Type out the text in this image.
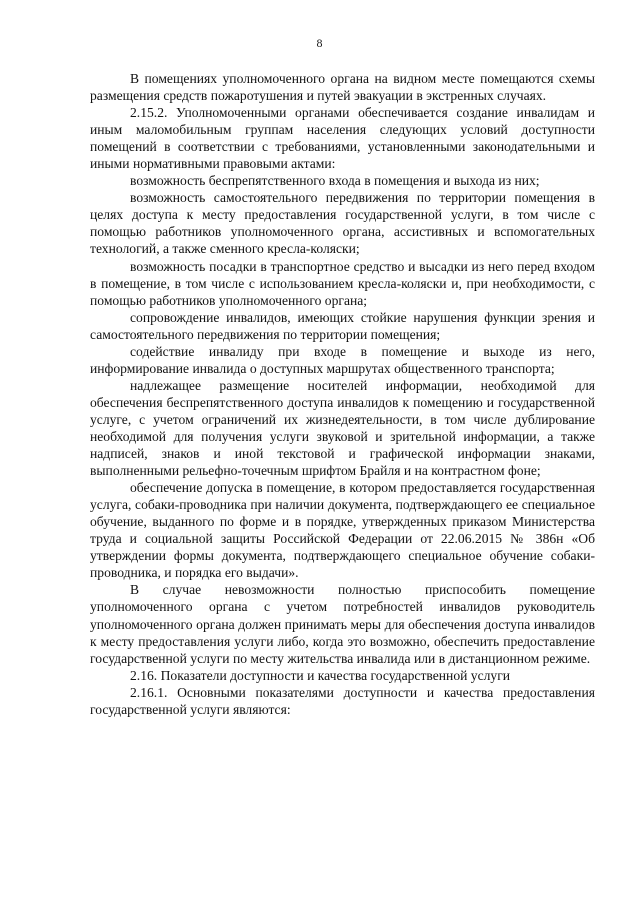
8

В помещениях уполномоченного органа на видном месте помещаются схемы размещения средств пожаротушения и путей эвакуации в экстренных случаях.

2.15.2. Уполномоченными органами обеспечивается создание инвалидам и иным маломобильным группам населения следующих условий доступности помещений в соответствии с требованиями, установленными законодательными и иными нормативными правовыми актами:

возможность беспрепятственного входа в помещения и выхода из них;

возможность самостоятельного передвижения по территории помещения в целях доступа к месту предоставления государственной услуги, в том числе с помощью работников уполномоченного органа, ассистивных и вспомогательных технологий, а также сменного кресла-коляски;

возможность посадки в транспортное средство и высадки из него перед входом в помещение, в том числе с использованием кресла-коляски и, при необходимости, с помощью работников уполномоченного органа;

сопровождение инвалидов, имеющих стойкие нарушения функции зрения и самостоятельного передвижения по территории помещения;

содействие инвалиду при входе в помещение и выходе из него, информирование инвалида о доступных маршрутах общественного транспорта;

надлежащее размещение носителей информации, необходимой для обеспечения беспрепятственного доступа инвалидов к помещению и государственной услуге, с учетом ограничений их жизнедеятельности, в том числе дублирование необходимой для получения услуги звуковой и зрительной информации, а также надписей, знаков и иной текстовой и графической информации знаками, выполненными рельефно-точечным шрифтом Брайля и на контрастном фоне;

обеспечение допуска в помещение, в котором предоставляется государственная услуга, собаки-проводника при наличии документа, подтверждающего ее специальное обучение, выданного по форме и в порядке, утвержденных приказом Министерства труда и социальной защиты Российской Федерации от 22.06.2015 № 386н «Об утверждении формы документа, подтверждающего специальное обучение собаки-проводника, и порядка его выдачи».

В случае невозможности полностью приспособить помещение уполномоченного органа с учетом потребностей инвалидов руководитель уполномоченного органа должен принимать меры для обеспечения доступа инвалидов к месту предоставления услуги либо, когда это возможно, обеспечить предоставление государственной услуги по месту жительства инвалида или в дистанционном режиме.

2.16. Показатели доступности и качества государственной услуги

2.16.1. Основными показателями доступности и качества предоставления государственной услуги являются:
